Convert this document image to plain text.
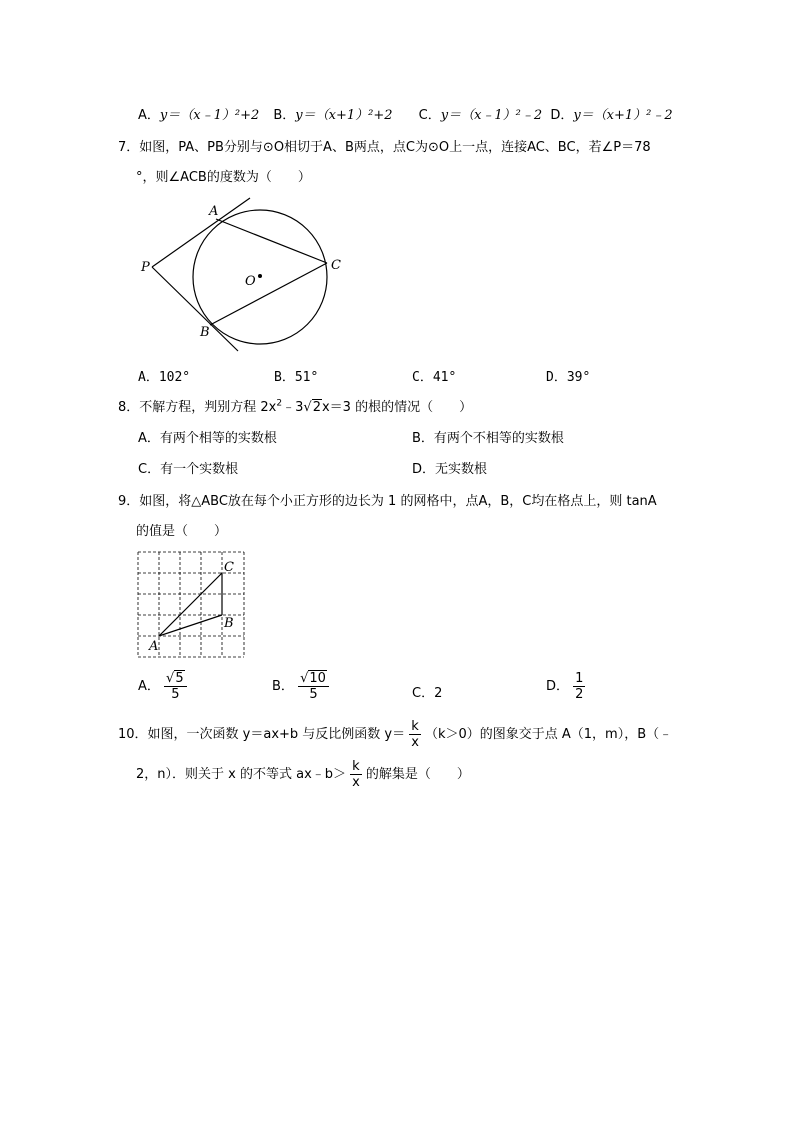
A．y＝（x﹣1）²+2 B．y＝（x+1）²+2 C．y＝（x﹣1）²﹣2 D．y＝（x+1）²﹣2
7．如图，PA、PB分别与⊙O相切于A、B两点，点C为⊙O上一点，连接AC、BC，若∠P＝78
°，则∠ACB的度数为（　　）
P
A
B
C
O
A．102°	B．51°	C．41°	D．39°
8．不解方程，判别方程 $2x^2﹣3√2x=3$ 的根的情况（　　）
A．有两个相等的实数根	B．有两个不相等的实数根
C．有一个实数根	D．无实数根
9．如图，将△ABC放在每个小正方形的边长为 1 的网格中，点A，B，C均在格点上，则 tanA
的值是（　　）
A
B
C
A． $\frac{√5}{5}$	B． $\frac{√10}{5}$	C．2	D． $\frac{1}{2}$
10．如图，一次函数 y＝ax+b 与反比例函数 $y= \frac{k}{x} (k>0)$的图象交于点 A（1，m），B（﹣
2，n）．则关于 x 的不等式 ax﹣b＞ $\frac{k}{x}$ 的解集是（　　）
